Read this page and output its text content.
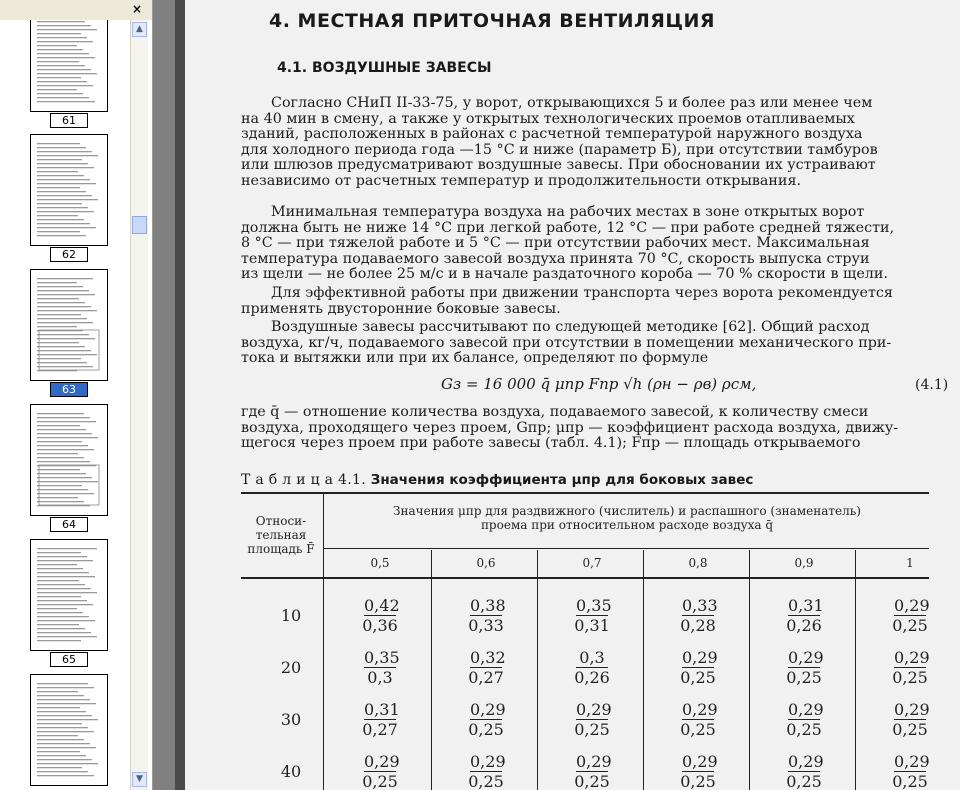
×
61
62
63
64
65
▲
▼
4. МЕСТНАЯ ПРИТОЧНАЯ ВЕНТИЛЯЦИЯ
4.1. ВОЗДУШНЫЕ ЗАВЕСЫ
Согласно СНиП II-33-75, у ворот, открывающихся 5 и более раз или менее чем
на 40 мин в смену, а также у открытых технологических проемов отапливаемых
зданий, расположенных в районах с расчетной температурой наружного воздуха
для холодного периода года —15 °С и ниже (параметр Б), при отсутствии тамбуров
или шлюзов предусматривают воздушные завесы. При обосновании их устраивают
независимо от расчетных температур и продолжительности открывания.
Минимальная температура воздуха на рабочих местах в зоне открытых ворот
должна быть не ниже 14 °С при легкой работе, 12 °С — при работе средней тяжести,
8 °С — при тяжелой работе и 5 °С — при отсутствии рабочих мест. Максимальная
температура подаваемого завесой воздуха принята 70 °С, скорость выпуска струи
из щели — не более 25 м/с и в начале раздаточного короба — 70 % скорости в щели.
Для эффективной работы при движении транспорта через ворота рекомендуется
применять двусторонние боковые завесы.
Воздушные завесы рассчитывают по следующей методике [62]. Общий расход
воздуха, кг/ч, подаваемого завесой при отсутствии в помещении механического при-
тока и вытяжки или при их балансе, определяют по формуле
Gз = 16 000 q̄ μпр Fпр √h (ρн − ρв) ρсм,	(4.1)
где q̄ — отношение количества воздуха, подаваемого завесой, к количеству смеси
воздуха, проходящего через проем, Gпр; μпр — коэффициент расхода воздуха, движу-
щегося через проем при работе завесы (табл. 4.1); Fпр — площадь открываемого
Т а б л и ц а 4.1. Значения коэффициента μпр для боковых завес
Относи-
тельная
площадь F̄
Значения μпр для раздвижного (числитель) и распашного (знаменатель)
проема при относительном расходе воздуха q̄
0,5	0,6	0,7	0,8	0,9	1
10	$\frac{0,42}{0,36}$	$\frac{0,38}{0,33}$	$\frac{0,35}{0,31}$	$\frac{0,33}{0,28}$	$\frac{0,31}{0,26}$	$\frac{0,29}{0,25}$
20	$\frac{0,35}{0,3}$	$\frac{0,32}{0,27}$	$\frac{0,3}{0,26}$	$\frac{0,29}{0,25}$	$\frac{0,29}{0,25}$	$\frac{0,29}{0,25}$
30	$\frac{0,31}{0,27}$	$\frac{0,29}{0,25}$	$\frac{0,29}{0,25}$	$\frac{0,29}{0,25}$	$\frac{0,29}{0,25}$	$\frac{0,29}{0,25}$
40	$\frac{0,29}{0,25}$	$\frac{0,29}{0,25}$	$\frac{0,29}{0,25}$	$\frac{0,29}{0,25}$	$\frac{0,29}{0,25}$	$\frac{0,29}{0,25}$
